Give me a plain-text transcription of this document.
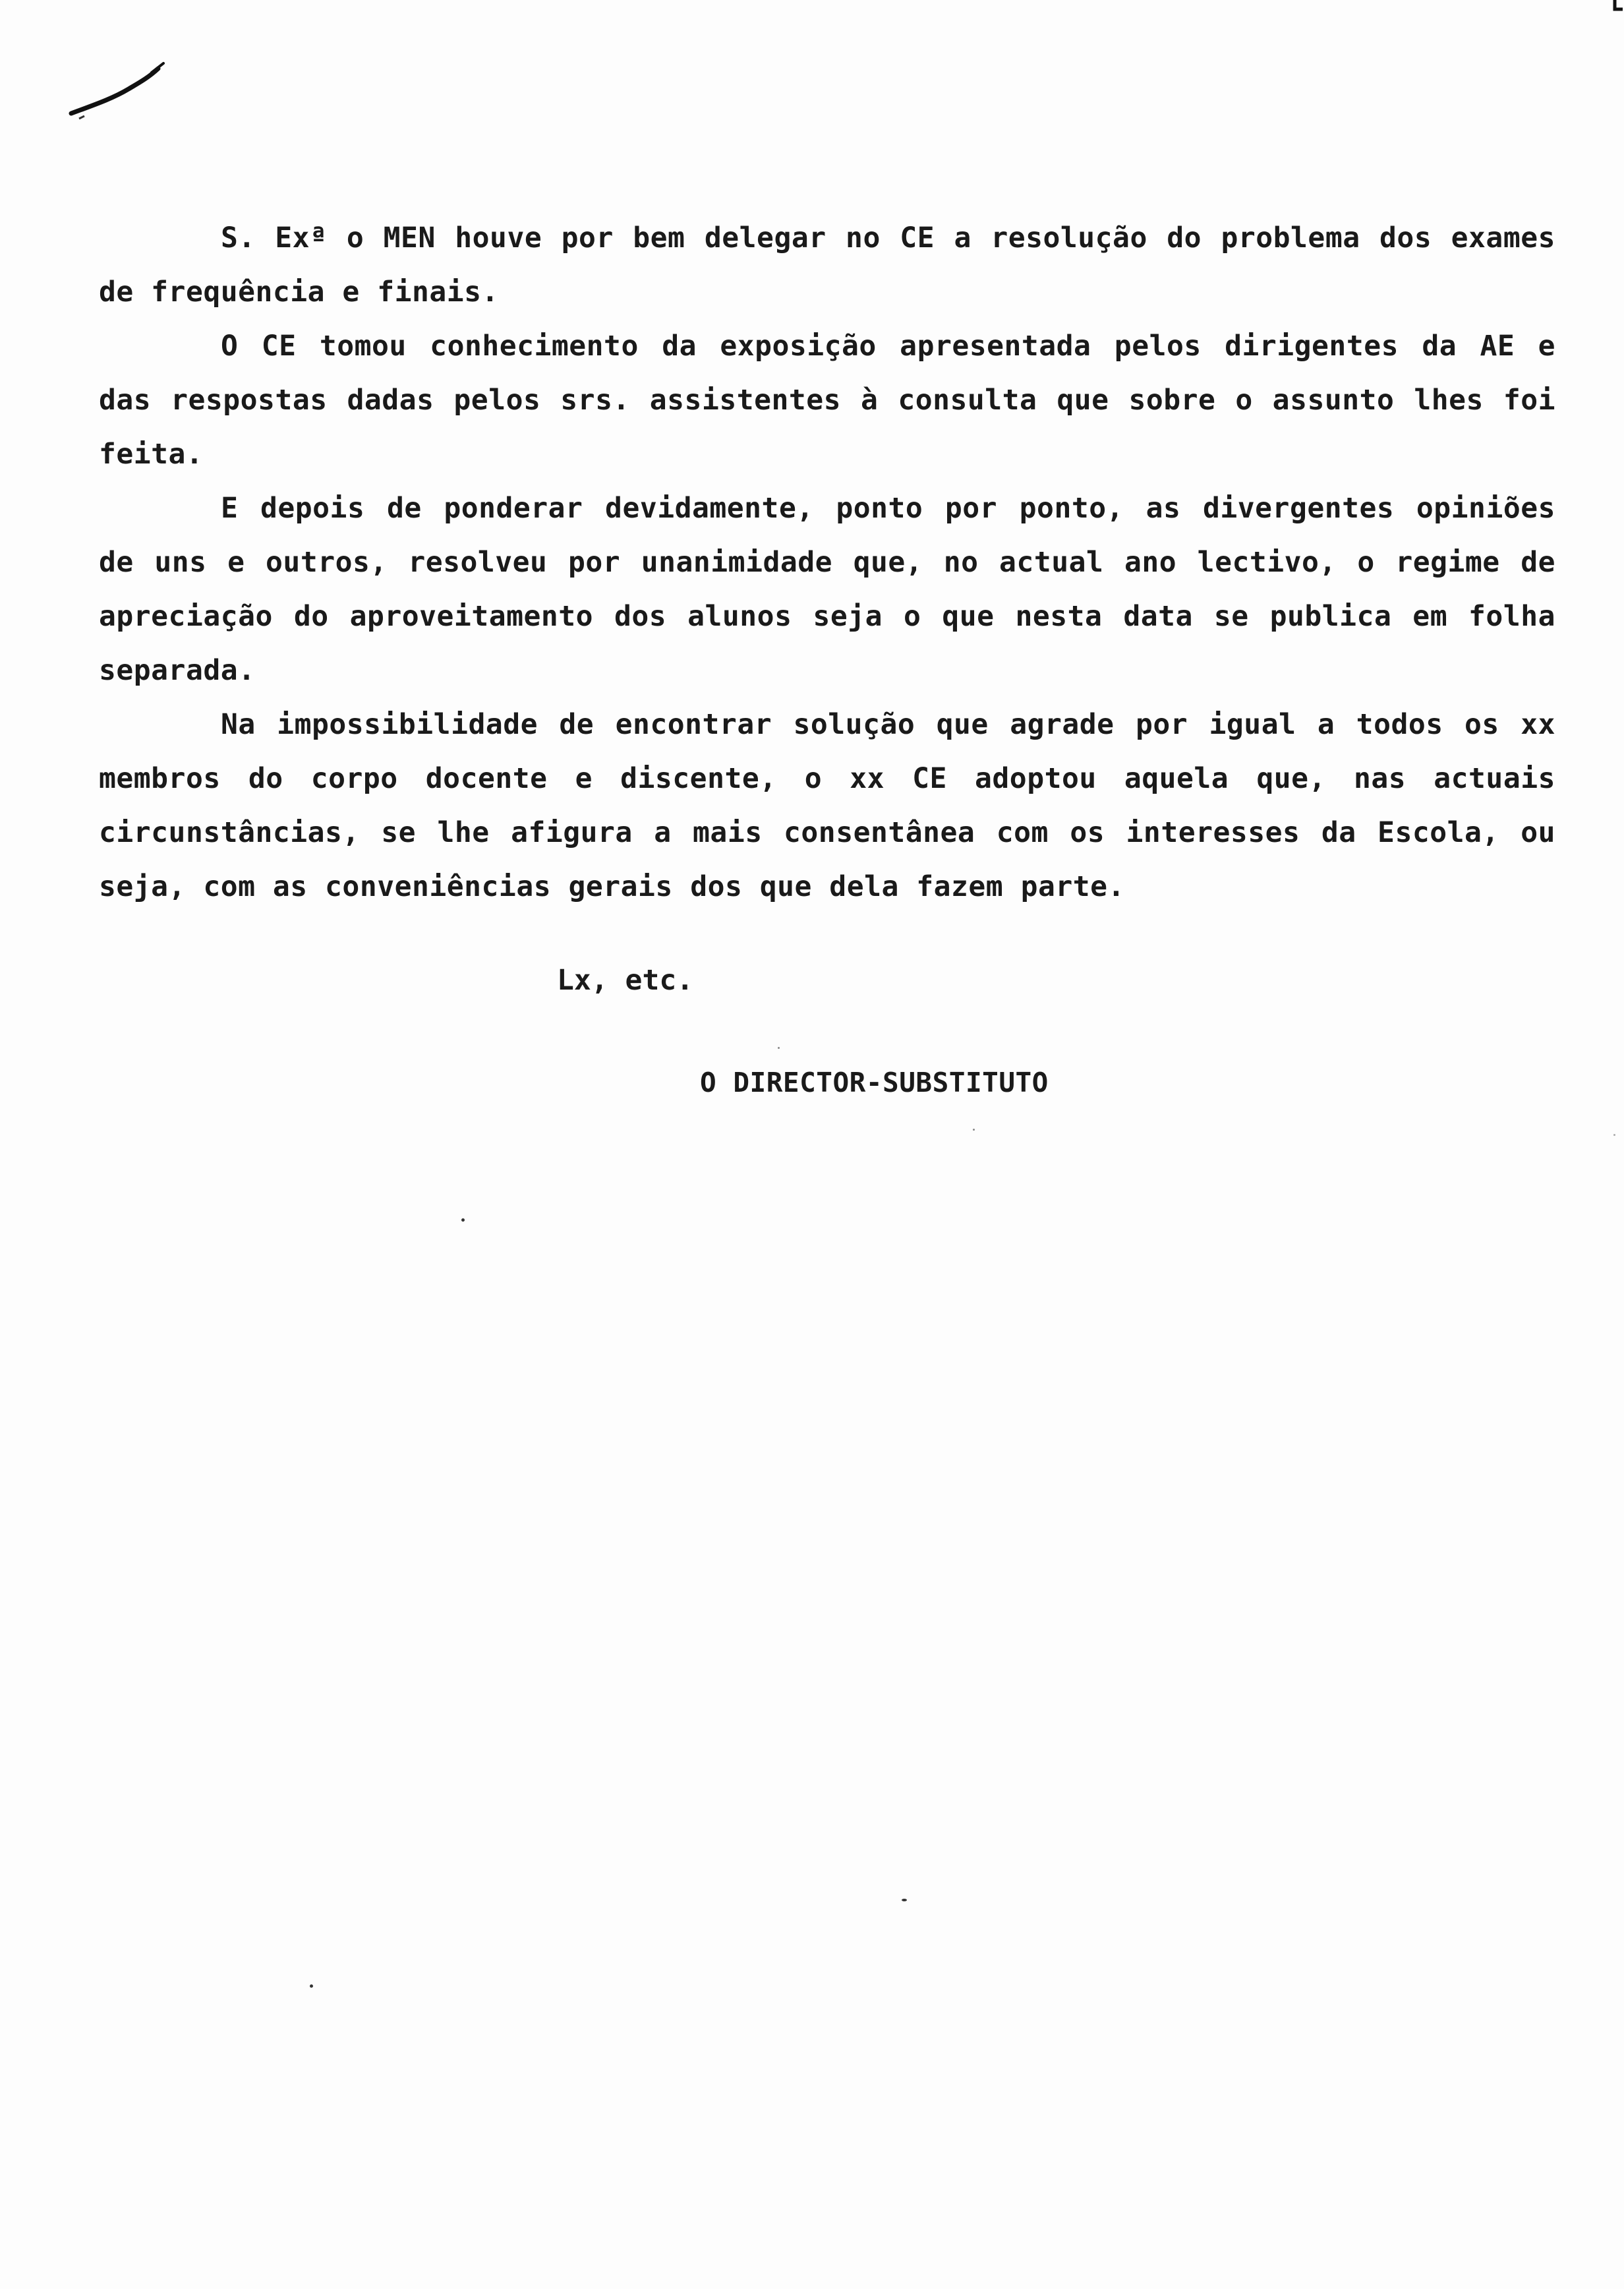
S. Exª o MEN houve por bem delegar no CE a resolução do problema dos exames de frequência e finais.

O CE tomou conhecimento da exposição apresentada pelos dirigentes da AE e das respostas dadas pelos srs. assistentes à consulta que sobre o assunto lhes foi feita.

E depois de ponderar devidamente, ponto por ponto, as divergentes opiniões de uns e outros, resolveu por unanimidade que, no actual ano lectivo, o regime de apreciação do aproveitamento dos alunos seja o que nesta data se publica em folha separada.

Na impossibilidade de encontrar solução que agrade por igual a todos os xx membros do corpo docente e discente, o xx CE adoptou aquela que, nas actuais circunstâncias, se lhe afigura a mais consentânea com os interesses da Escola, ou seja, com as conveniências gerais dos que dela fazem parte.

Lx, etc.
O DIRECTOR-SUBSTITUTO
